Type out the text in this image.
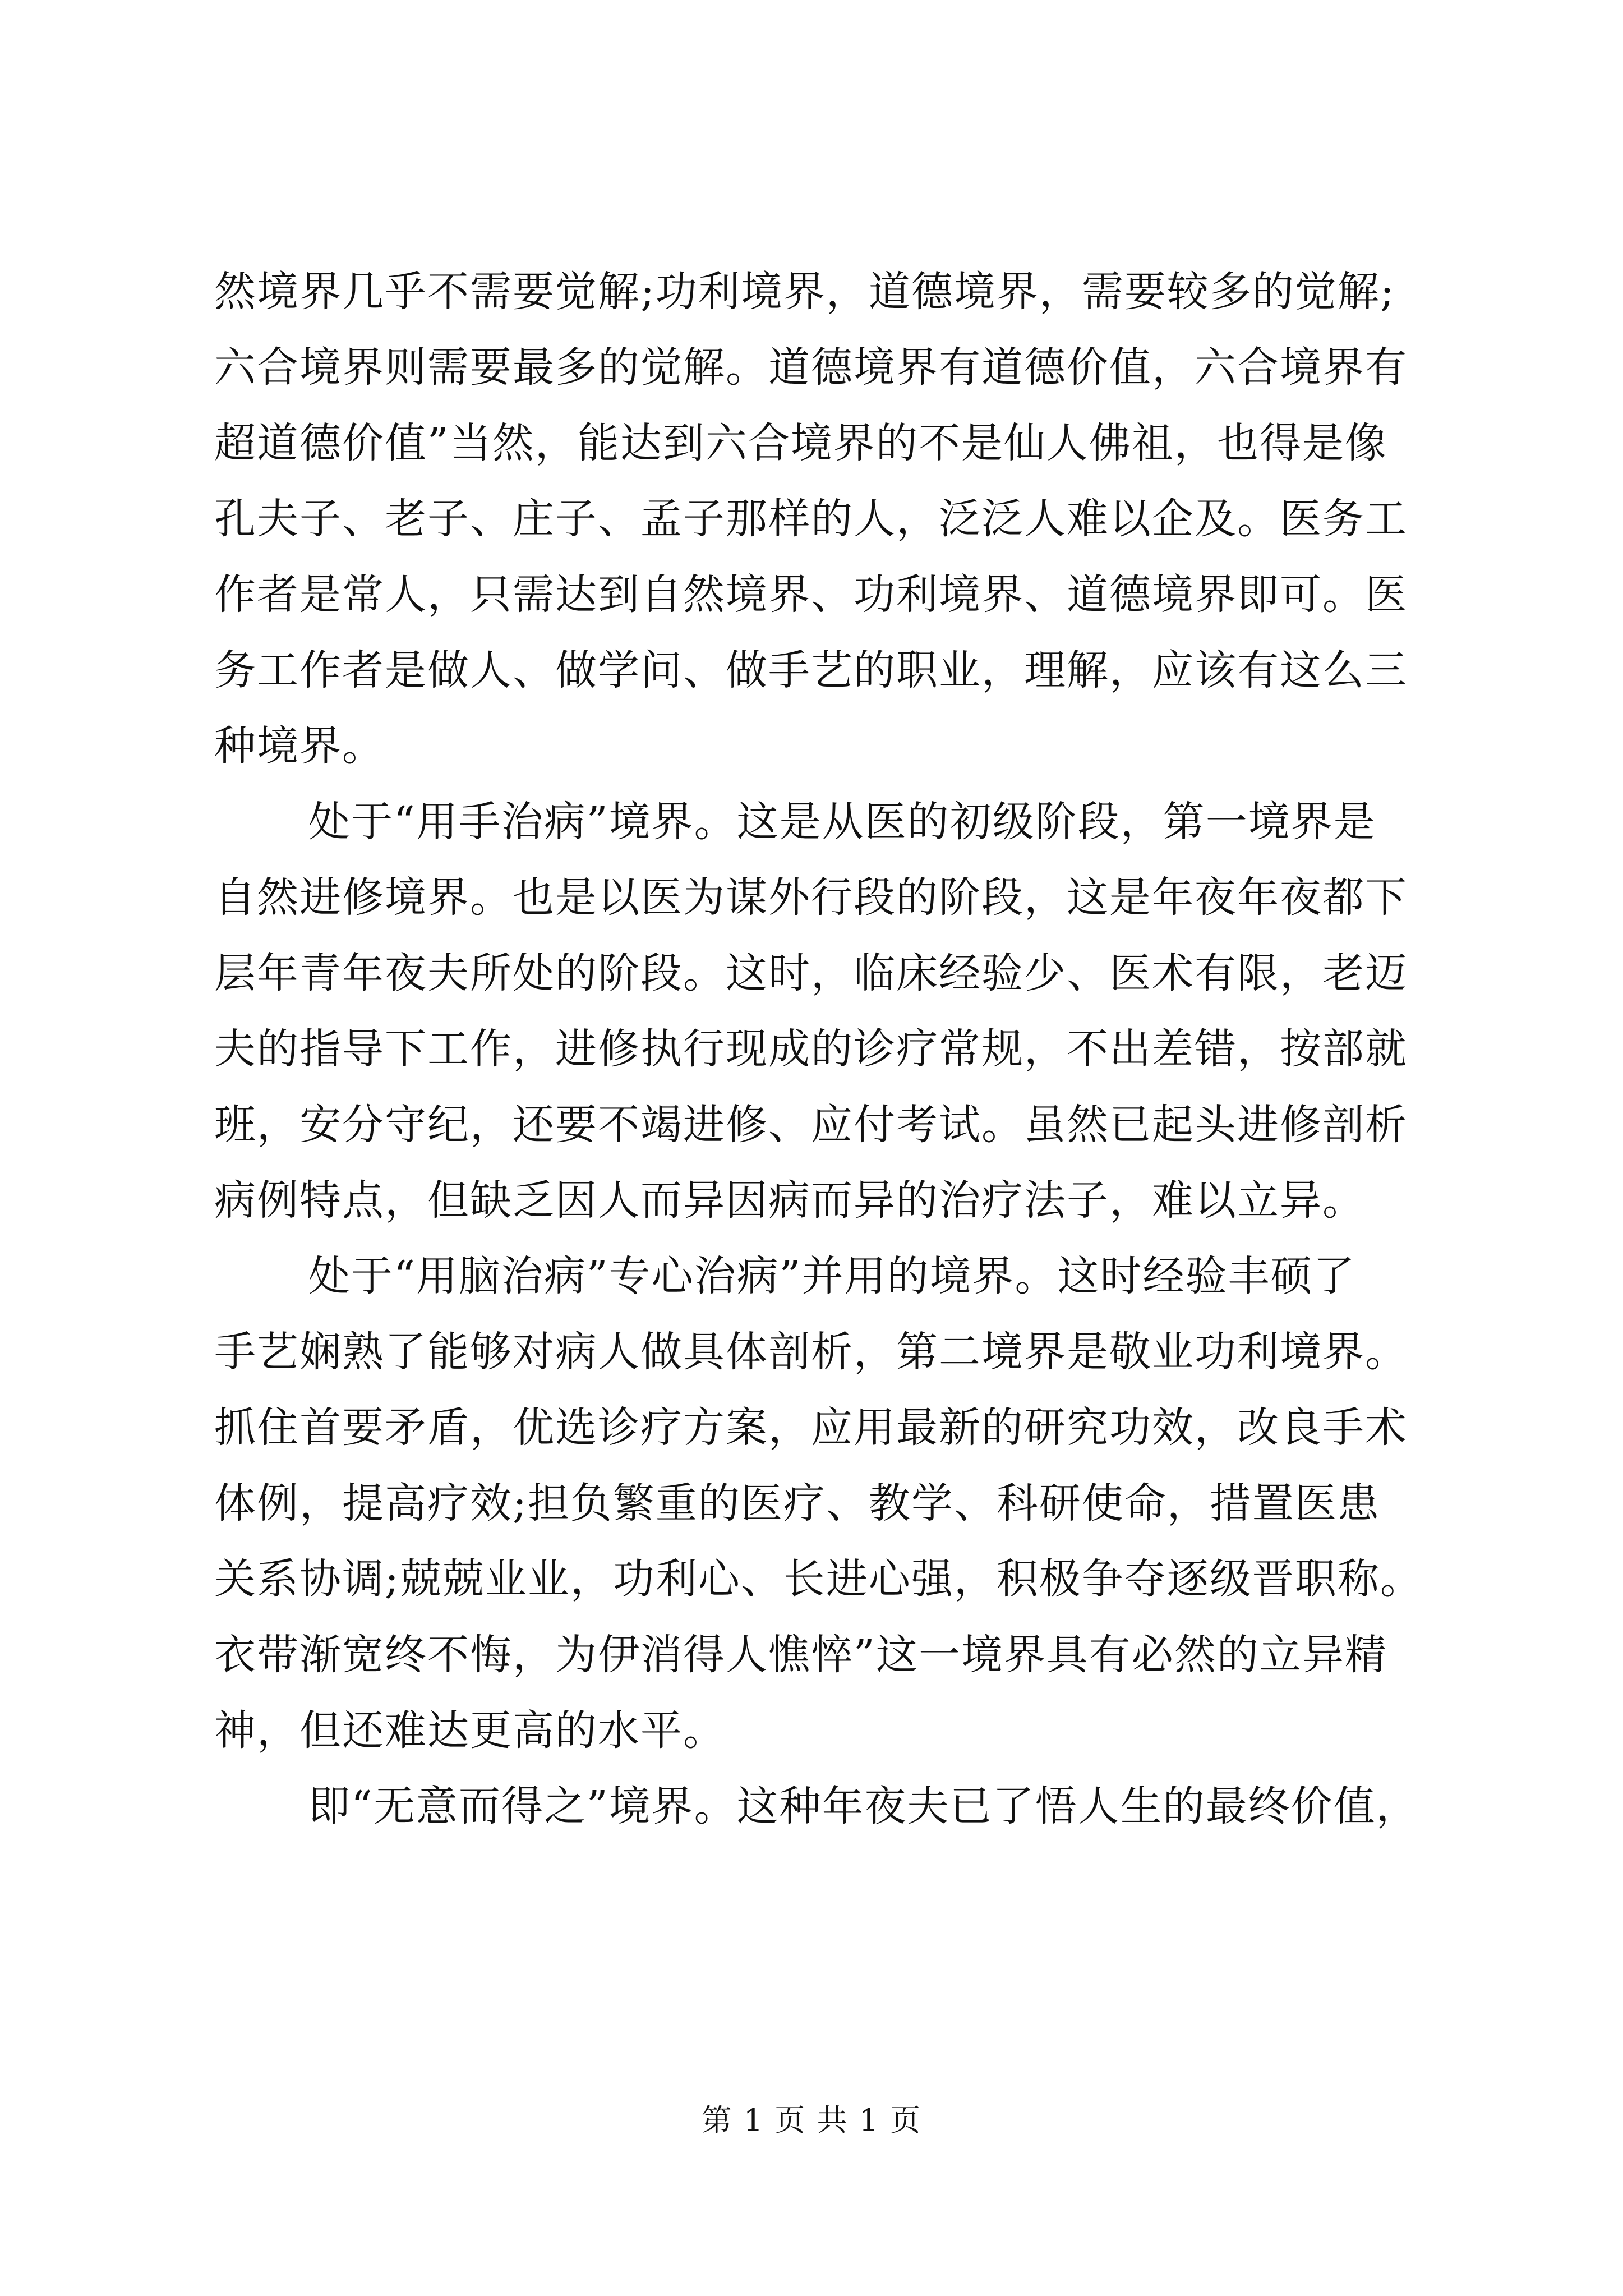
然境界几乎不需要觉解;功利境界，道德境界，需要较多的觉解;
六合境界则需要最多的觉解。道德境界有道德价值，六合境界有
超道德价值”当然，能达到六合境界的不是仙人佛祖，也得是像
孔夫子、老子、庄子、孟子那样的人，泛泛人难以企及。医务工
作者是常人，只需达到自然境界、功利境界、道德境界即可。医
务工作者是做人、做学问、做手艺的职业，理解，应该有这么三
种境界。
处于“用手治病”境界。这是从医的初级阶段，第一境界是
自然进修境界。也是以医为谋外行段的阶段，这是年夜年夜都下
层年青年夜夫所处的阶段。这时，临床经验少、医术有限，老迈
夫的指导下工作，进修执行现成的诊疗常规，不出差错，按部就
班，安分守纪，还要不竭进修、应付考试。虽然已起头进修剖析
病例特点，但缺乏因人而异因病而异的治疗法子，难以立异。
处于“用脑治病”专心治病”并用的境界。这时经验丰硕了
手艺娴熟了能够对病人做具体剖析，第二境界是敬业功利境界。
抓住首要矛盾，优选诊疗方案，应用最新的研究功效，改良手术
体例，提高疗效;担负繁重的医疗、教学、科研使命，措置医患
关系协调;兢兢业业，功利心、长进心强，积极争夺逐级晋职称。
衣带渐宽终不悔，为伊消得人憔悴”这一境界具有必然的立异精
神，但还难达更高的水平。
即“无意而得之”境界。这种年夜夫已了悟人生的最终价值，
第 1 页 共 1 页
